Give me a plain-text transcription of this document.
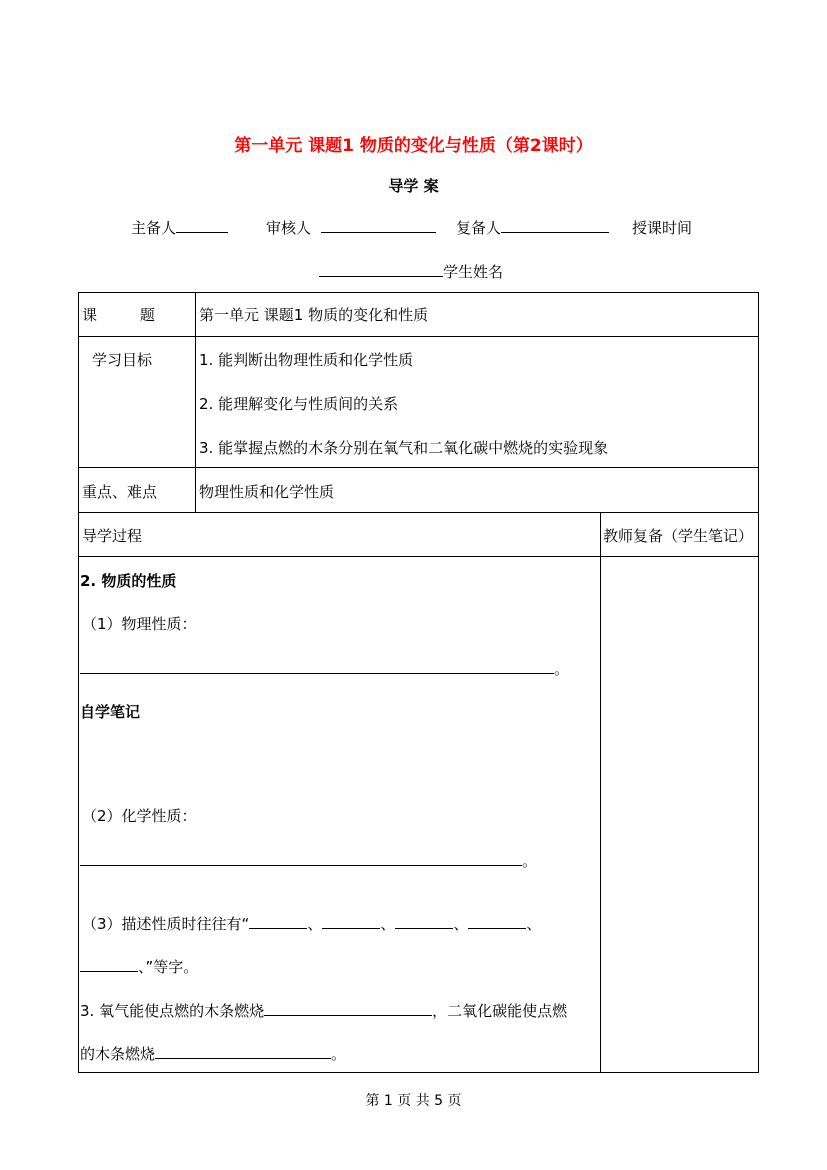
第一单元 课题1 物质的变化与性质（第2课时）
导学 案
主备人	审核人	复备人	授课时间
学生姓名
课         题	第一单元 课题1 物质的变化和性质
学习目标	1. 能判断出物理性质和化学性质
2. 能理解变化与性质间的关系
3. 能掌握点燃的木条分别在氧气和二氧化碳中燃烧的实验现象
重点、难点	物理性质和化学性质
导学过程	教师复备（学生笔记）
2. 物质的性质
（1）物理性质：
。
自学笔记
（2）化学性质：
。
（3）描述性质时往往有“	、	、	、	、
、”等字。
3. 氧气能使点燃的木条燃烧	，二氧化碳能使点燃
的木条燃烧	。
第 1 页 共 5 页
